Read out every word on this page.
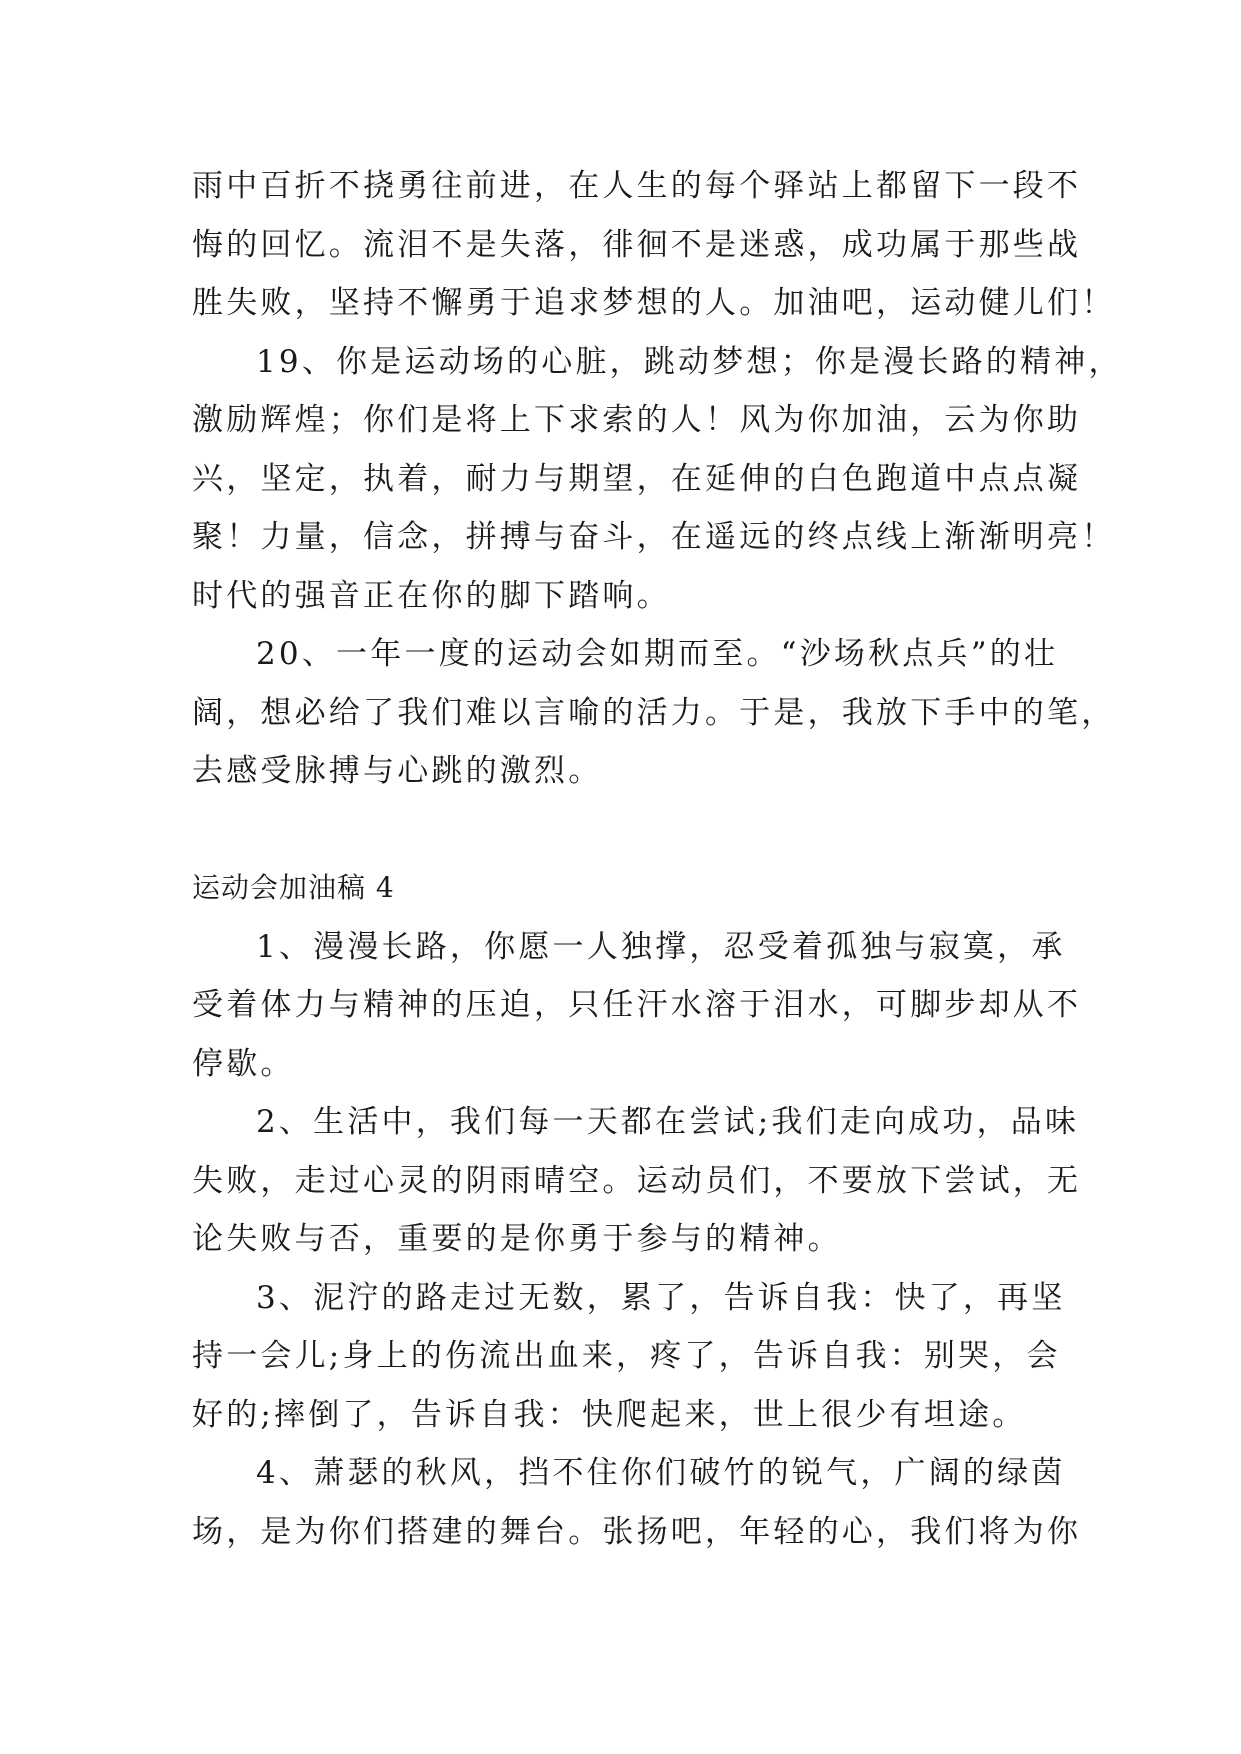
雨中百折不挠勇往前进，在人生的每个驿站上都留下一段不
悔的回忆。流泪不是失落，徘徊不是迷惑，成功属于那些战
胜失败，坚持不懈勇于追求梦想的人。加油吧，运动健儿们！
19、你是运动场的心脏，跳动梦想；你是漫长路的精神，
激励辉煌；你们是将上下求索的人！风为你加油，云为你助
兴，坚定，执着，耐力与期望，在延伸的白色跑道中点点凝
聚！力量，信念，拼搏与奋斗，在遥远的终点线上渐渐明亮！
时代的强音正在你的脚下踏响。
20、一年一度的运动会如期而至。“沙场秋点兵”的壮
阔，想必给了我们难以言喻的活力。于是，我放下手中的笔，
去感受脉搏与心跳的激烈。
运动会加油稿 4
1、漫漫长路，你愿一人独撑，忍受着孤独与寂寞，承
受着体力与精神的压迫，只任汗水溶于泪水，可脚步却从不
停歇。
2、生活中，我们每一天都在尝试;我们走向成功，品味
失败，走过心灵的阴雨晴空。运动员们，不要放下尝试，无
论失败与否，重要的是你勇于参与的精神。
3、泥泞的路走过无数，累了，告诉自我：快了，再坚
持一会儿;身上的伤流出血来，疼了，告诉自我：别哭，会
好的;摔倒了，告诉自我：快爬起来，世上很少有坦途。
4、萧瑟的秋风，挡不住你们破竹的锐气，广阔的绿茵
场，是为你们搭建的舞台。张扬吧，年轻的心，我们将为你
